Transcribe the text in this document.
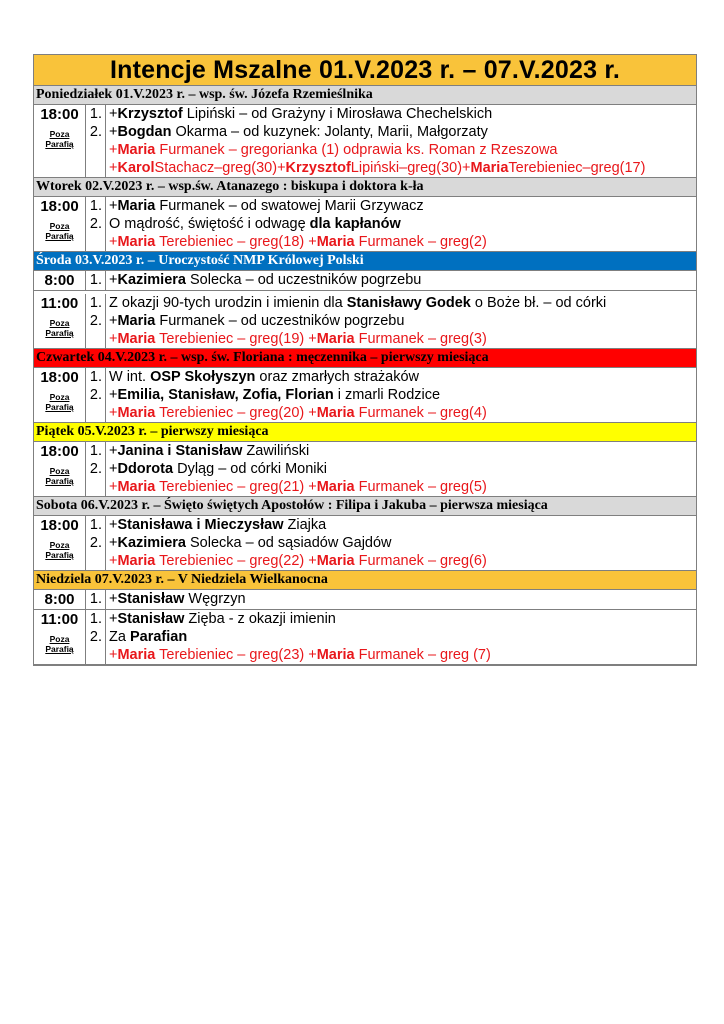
Intencje Mszalne 01.V.2023 r. – 07.V.2023 r.
Poniedziałek 01.V.2023 r. – wsp. św. Józefa Rzemieślnika
18:00
Poza
Parafią
1.
2.
+Krzysztof Lipiński – od Grażyny i Mirosława Chechelskich
+Bogdan Okarma – od kuzynek: Jolanty, Marii, Małgorzaty
+Maria Furmanek – gregorianka (1) odprawia ks. Roman z Rzeszowa
+KarolStachacz–greg(30)+KrzysztofLipiński–greg(30)+MariaTerebieniec–greg(17)
Wtorek 02.V.2023 r. – wsp.św. Atanazego : biskupa i doktora k-ła
18:00
Poza
Parafią
1.
2.
+Maria Furmanek – od swatowej Marii Grzywacz
O mądrość, świętość i odwagę dla kapłanów
+Maria Terebieniec – greg(18) +Maria Furmanek – greg(2)
Środa 03.V.2023 r. – Uroczystość NMP Królowej Polski
8:00	1. +Kazimiera Solecka – od uczestników pogrzebu
11:00
Poza
Parafią
1.
2.
Z okazji 90-tych urodzin i imienin dla Stanisławy Godek o Boże bł. – od córki
+Maria Furmanek – od uczestników pogrzebu
+Maria Terebieniec – greg(19) +Maria Furmanek – greg(3)
Czwartek 04.V.2023 r. – wsp. św. Floriana : męczennika – pierwszy miesiąca
18:00
Poza
Parafią
1.
2.
W int. OSP Skołyszyn oraz zmarłych strażaków
+Emilia, Stanisław, Zofia, Florian i zmarli Rodzice
+Maria Terebieniec – greg(20) +Maria Furmanek – greg(4)
Piątek 05.V.2023 r. – pierwszy miesiąca
18:00
Poza
Parafią
1.
2.
+Janina i Stanisław Zawiliński
+Ddorota Dyląg – od córki Moniki
+Maria Terebieniec – greg(21) +Maria Furmanek – greg(5)
Sobota 06.V.2023 r. – Święto świętych Apostołów : Filipa i Jakuba – pierwsza miesiąca
18:00
Poza
Parafią
1.
2.
+Stanisława i Mieczysław Ziajka
+Kazimiera Solecka – od sąsiadów Gajdów
+Maria Terebieniec – greg(22) +Maria Furmanek – greg(6)
Niedziela 07.V.2023 r. – V Niedziela Wielkanocna
8:00	1. +Stanisław Węgrzyn
11:00
Poza
Parafią
1.
2.
+Stanisław Zięba - z okazji imienin
Za Parafian
+Maria Terebieniec – greg(23) +Maria Furmanek – greg (7)
